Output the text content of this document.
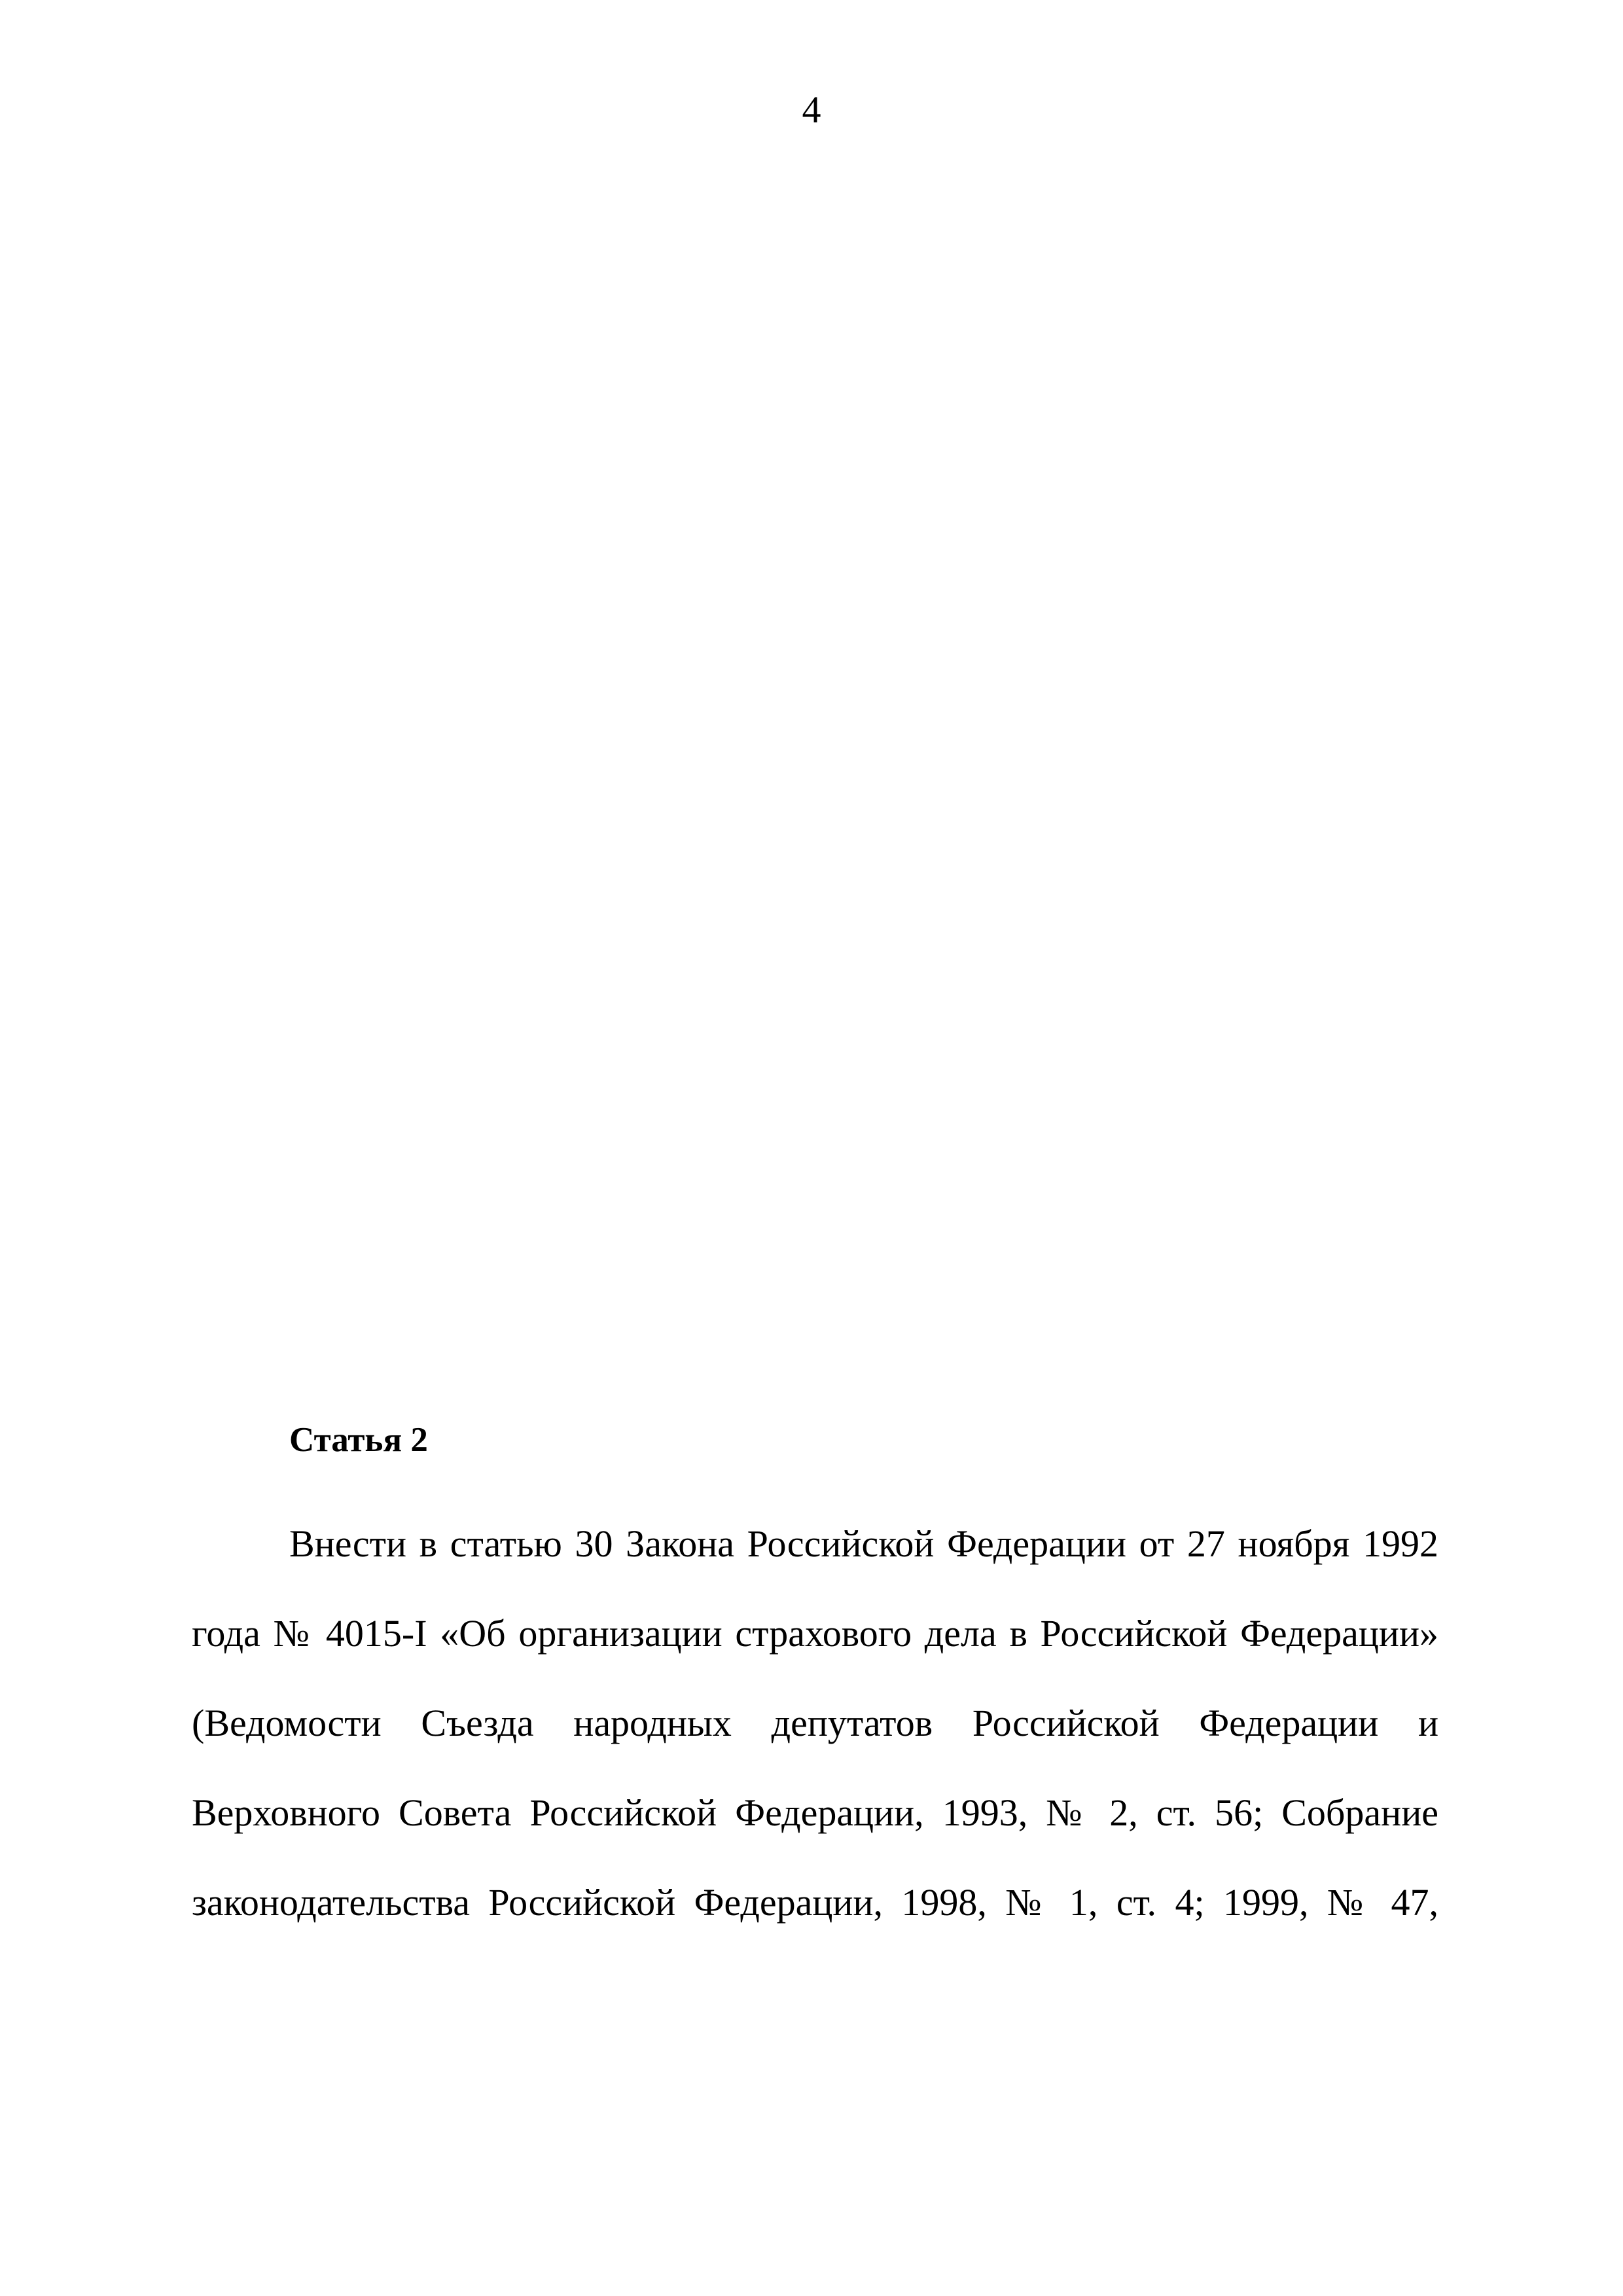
4
Статья 2
Внести в статью 30 Закона Российской Федерации от 27 ноября 1992
года № 4015-I «Об организации страхового дела в Российской Федерации»
(Ведомости Съезда народных депутатов Российской Федерации и
Верховного Совета Российской Федерации, 1993, № 2, ст. 56; Собрание
законодательства Российской Федерации, 1998, № 1, ст. 4; 1999, № 47,
